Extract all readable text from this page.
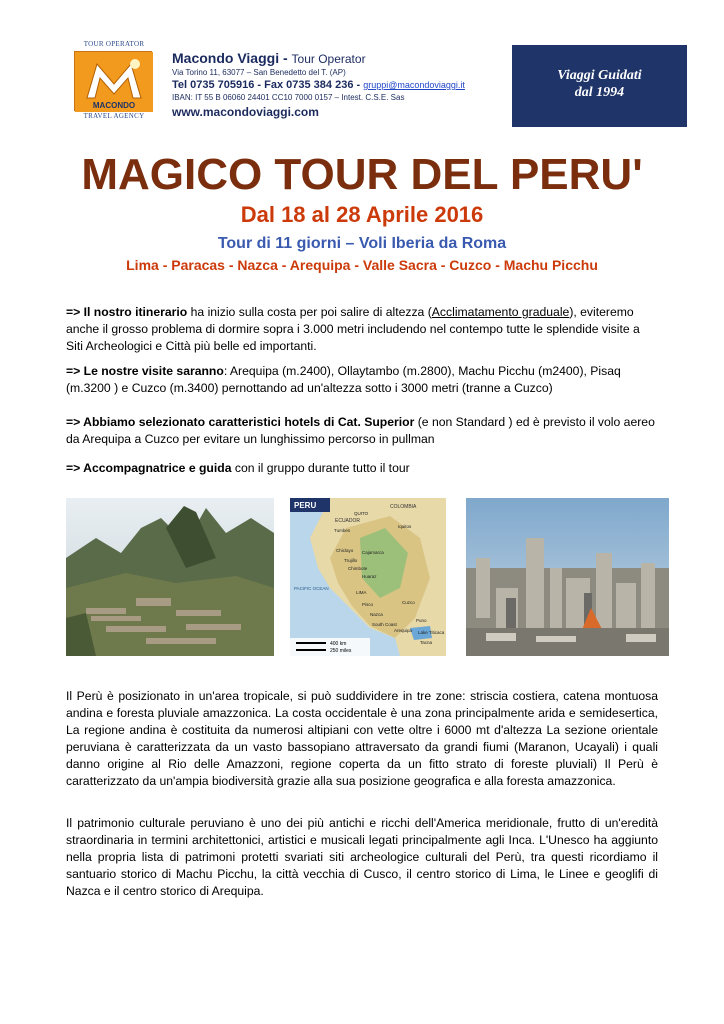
TOUR OPERATOR
MACONDO
TRAVEL AGENCY
Macondo Viaggi - Tour Operator
Via Torino 11, 63077 – San Benedetto del T. (AP)
Tel 0735 705916 - Fax 0735 384 236 - gruppi@macondoviaggi.it
IBAN: IT 55 B 06060 24401 CC10 7000 0157 – Intest. C.S.E. Sas
www.macondoviaggi.com
Viaggi Guidati
dal 1994
MAGICO TOUR DEL PERU'
Dal 18 al 28 Aprile 2016
Tour di 11 giorni – Voli Iberia da Roma
Lima - Paracas - Nazca - Arequipa - Valle Sacra - Cuzco - Machu Picchu
=> Il nostro itinerario ha inizio sulla costa per poi salire di altezza (Acclimatamento graduale), eviteremo anche il grosso problema di dormire sopra i 3.000 metri includendo nel contempo tutte le splendide visite a Siti Archeologici e Città più belle ed importanti.
=> Le nostre visite saranno: Arequipa (m.2400), Ollaytambo (m.2800), Machu Picchu (m2400), Pisaq (m.3200 ) e Cuzco (m.3400) pernottando ad un'altezza sotto i 3000 metri (tranne a Cuzco)
=> Abbiamo selezionato caratteristici hotels di Cat. Superior (e non Standard ) ed è previsto il volo aereo da Arequipa a Cuzco per evitare un lunghissimo percorso in pullman
=> Accompagnatrice e guida con il gruppo durante tutto il tour
PERU	COLOMBIA
ECUADOR
PACIFIC OCEAN
QUITO
Tumbes
Iquitos
Chiclayo Cajamarca
Trujillo
Chimbote
Huaraz
LIMA
Pisco
Nazca
Cuzco
Puno
Arequipa Lake Titicaca
South Coast
Tacna
400 km
250 miles
Il Perù è posizionato in un'area tropicale, si può suddividere in tre zone: striscia costiera, catena montuosa andina e foresta pluviale amazzonica. La costa occidentale è una zona principalmente arida e semidesertica, La regione andina è costituita da numerosi altipiani con vette oltre i 6000 mt d'altezza La sezione orientale peruviana è caratterizzata da un vasto bassopiano attraversato da grandi fiumi (Maranon, Ucayali) i quali danno origine al Rio delle Amazzoni, regione coperta da un fitto strato di foreste pluviali) Il Perù è caratterizzato da un'ampia biodiversità grazie alla sua posizione geografica e alla foresta amazzonica.
Il patrimonio culturale peruviano è uno dei più antichi e ricchi dell'America meridionale, frutto di un'eredità straordinaria in termini architettonici, artistici e musicali legati principalmente agli Inca. L'Unesco ha aggiunto nella propria lista di patrimoni protetti svariati siti archeologice culturali del Perù, tra questi ricordiamo il santuario storico di Machu Picchu, la città vecchia di Cusco, il centro storico di Lima, le Linee e geoglifi di Nazca e il centro storico di Arequipa.
